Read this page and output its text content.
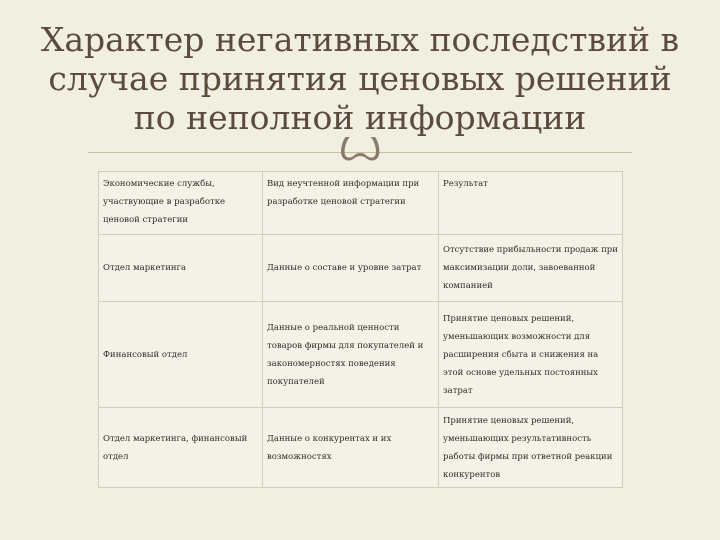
Характер негативных последствий в случае принятия ценовых решений по неполной информации
Ꙍ
Экономические службы, участвующие в разработке ценовой стратегии	Вид неучтенной информации при разработке ценовой стратегии	Результат

Отдел маркетинга	Данные о составе и уровне затрат	Отсутствие прибыльности продаж при максимизации доли, завоеванной компанией

Финансовый отдел	Данные о реальной ценности товаров фирмы для покупателей и закономерностях поведения покупателей	Принятие ценовых решений, уменьшающих возможности для расширения сбыта и снижения на этой основе удельных постоянных затрат

Отдел маркетинга, финансовый отдел	Данные о конкурентах и их возможностях	Принятие ценовых решений, уменьшающих результативность работы фирмы при ответной реакции конкурентов
